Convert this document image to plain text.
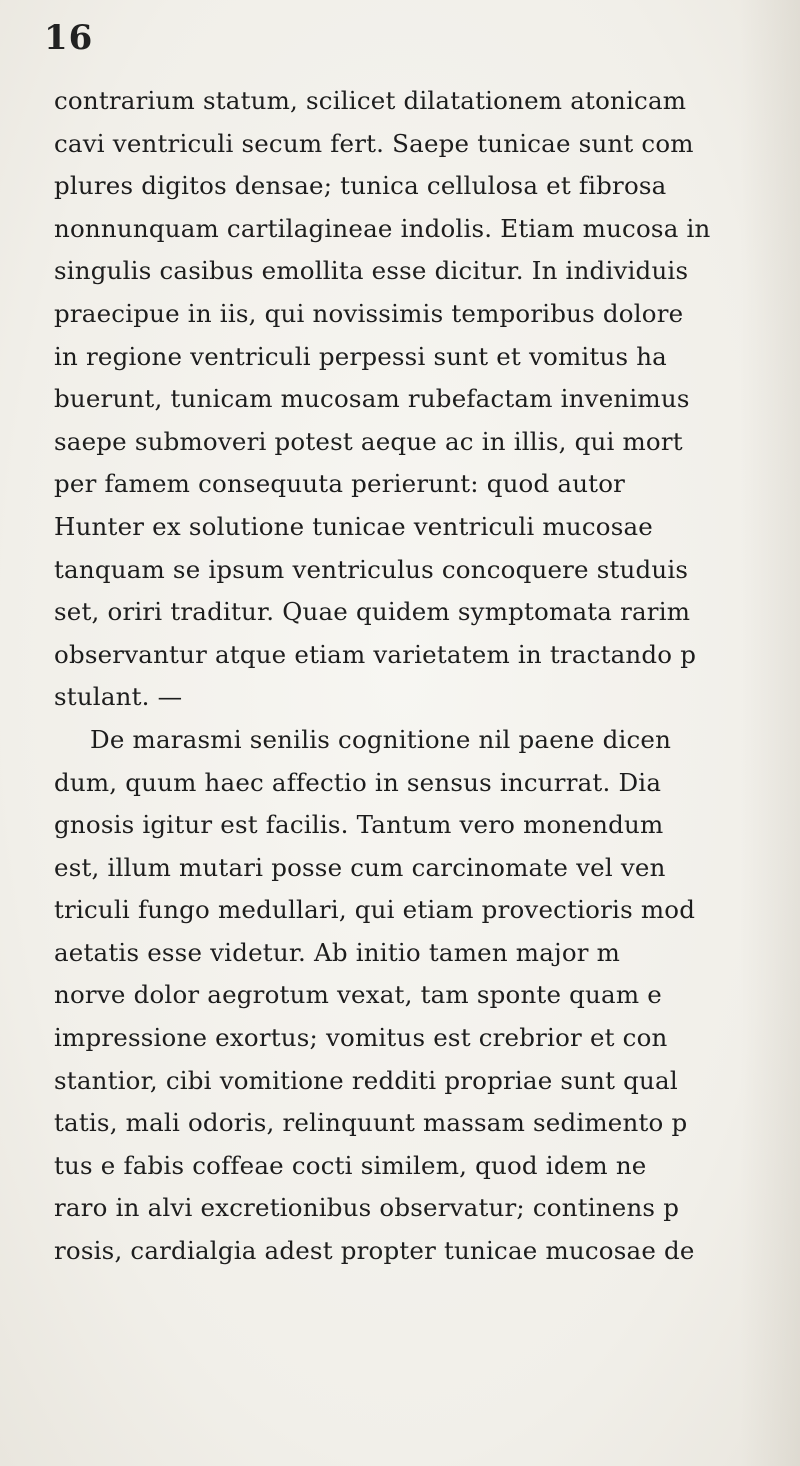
16
contrarium statum, scilicet dilatationem atonicam
cavi ventriculi secum fert. Saepe tunicae sunt com
plures digitos densae; tunica cellulosa et fibrosa
nonnunquam cartilagineae indolis. Etiam mucosa in
singulis casibus emollita esse dicitur. In individuis
praecipue in iis, qui novissimis temporibus dolore
in regione ventriculi perpessi sunt et vomitus ha
buerunt, tunicam mucosam rubefactam invenimus
saepe submoveri potest aeque ac in illis, qui mort
per famem consequuta perierunt: quod autor
Hunter ex solutione tunicae ventriculi mucosae
tanquam se ipsum ventriculus concoquere studuis
set, oriri traditur. Quae quidem symptomata rarim
observantur atque etiam varietatem in tractando p
stulant. —
De marasmi senilis cognitione nil paene dicen
dum, quum haec affectio in sensus incurrat. Dia
gnosis igitur est facilis. Tantum vero monendum
est, illum mutari posse cum carcinomate vel ven
triculi fungo medullari, qui etiam provectioris mod
aetatis esse videtur. Ab initio tamen major m
norve dolor aegrotum vexat, tam sponte quam e
impressione exortus; vomitus est crebrior et con
stantior, cibi vomitione redditi propriae sunt qual
tatis, mali odoris, relinquunt massam sedimento p
tus e fabis coffeae cocti similem, quod idem ne
raro in alvi excretionibus observatur; continens p
rosis, cardialgia adest propter tunicae mucosae de
